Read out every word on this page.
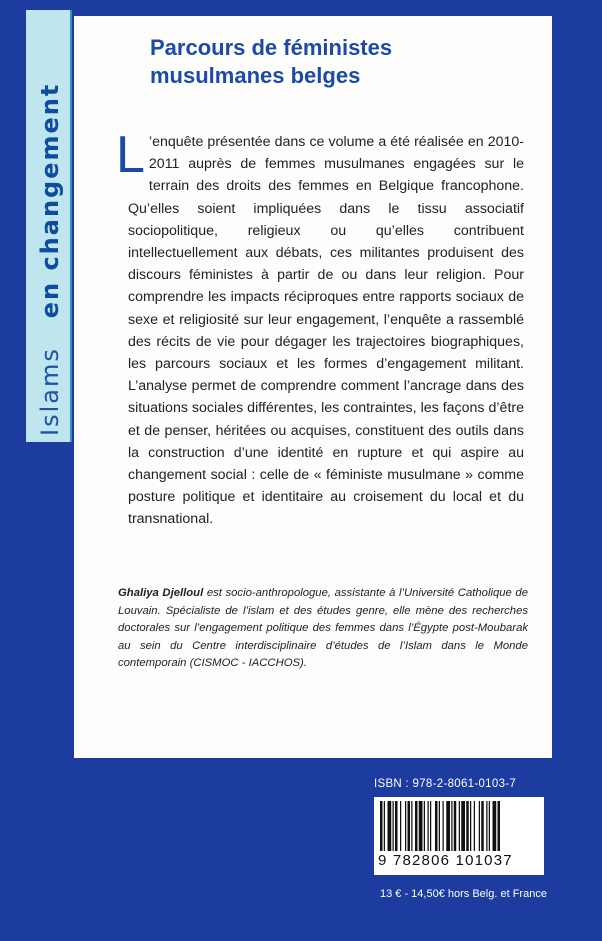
Islams   en changement
Parcours de féministes
musulmanes belges
L ’enquête présentée dans ce volume a été réalisée en 2010-2011 auprès de femmes musulmanes engagées sur le terrain des droits des femmes en Belgique francophone. Qu’elles soient impliquées dans le tissu associatif sociopolitique, religieux ou qu’elles contribuent intellectuellement aux débats, ces militantes produisent des discours féministes à partir de ou dans leur religion. Pour comprendre les impacts réciproques entre rapports sociaux de sexe et religiosité sur leur engagement, l’enquête a rassemblé des récits de vie pour dégager les trajectoires biographiques, les parcours sociaux et les formes d’engagement militant. L’analyse permet de comprendre comment l’ancrage dans des situations sociales différentes, les contraintes, les façons d’être et de penser, héritées ou acquises, constituent des outils dans la construction d’une identité en rupture et qui aspire au changement social : celle de « féministe musulmane » comme posture politique et identitaire au croisement du local et du transnational.
Ghaliya Djelloul est socio-anthropologue, assistante à l’Université Catholique de Louvain. Spécialiste de l’islam et des études genre, elle mène des recherches doctorales sur l’engagement politique des femmes dans l’Égypte post-Moubarak au sein du Centre interdisciplinaire d’études de l’Islam dans le Monde contemporain (CISMOC - IACCHOS).
ISBN : 978-2-8061-0103-7
9 782806 101037
13 € - 14,50€ hors Belg. et France
